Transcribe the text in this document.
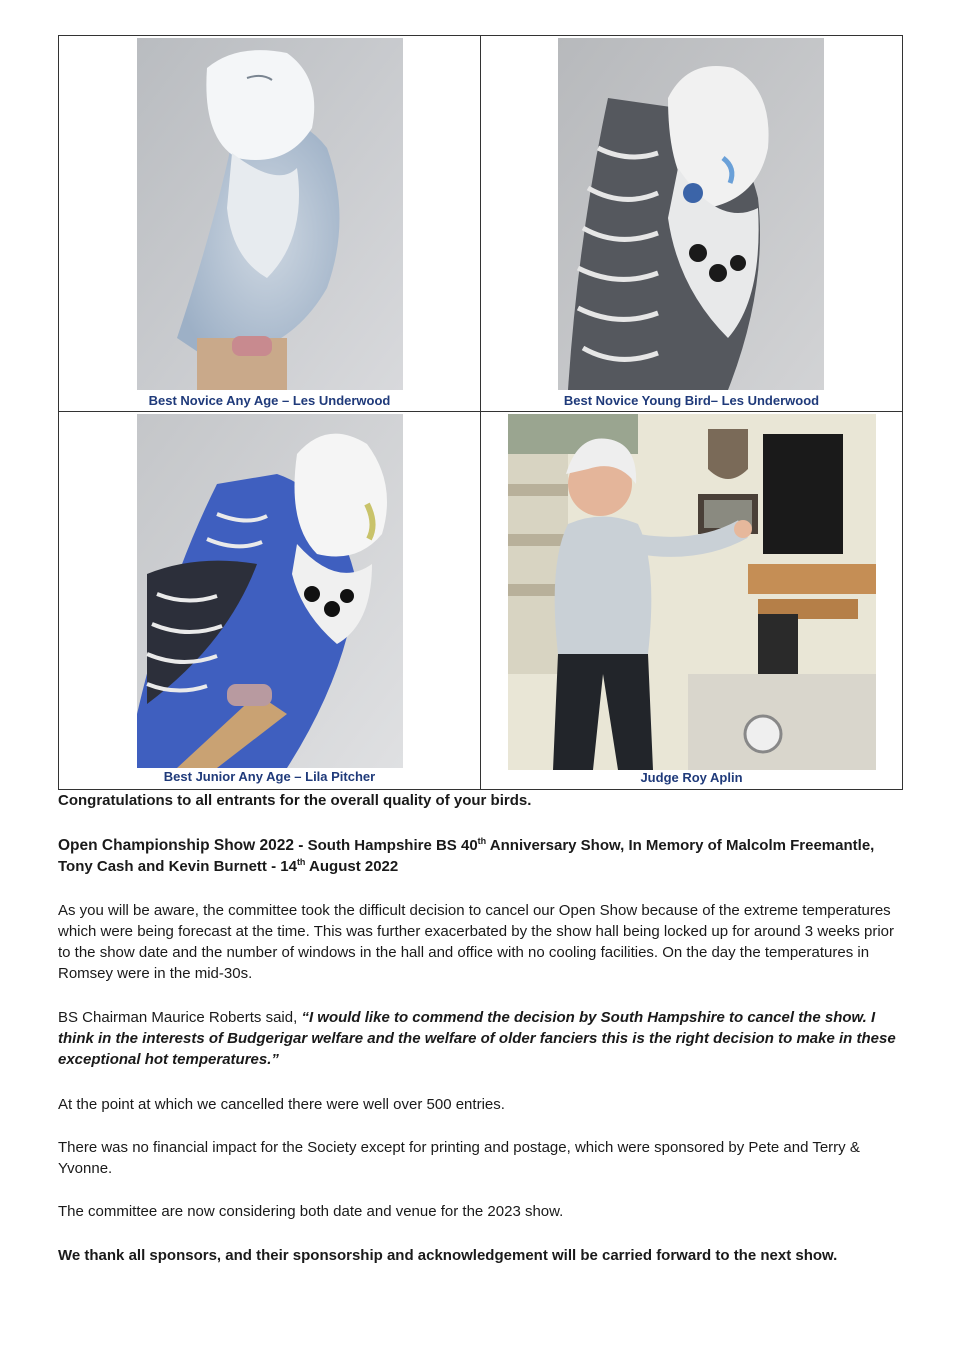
Best Novice Any Age – Les Underwood	Best Novice Young Bird– Les Underwood
Best Junior Any Age – Lila Pitcher	Judge Roy Aplin
Congratulations to all entrants for the overall quality of your birds.
Open Championship Show 2022 - South Hampshire BS 40th Anniversary Show, In Memory of Malcolm Freemantle, Tony Cash and Kevin Burnett - 14th August 2022
As you will be aware, the committee took the difficult decision to cancel our Open Show because of the extreme temperatures which were being forecast at the time. This was further exacerbated by the show hall being locked up for around 3 weeks prior to the show date and the number of windows in the hall and office with no cooling facilities. On the day the temperatures in Romsey were in the mid-30s.
BS Chairman Maurice Roberts said, “I would like to commend the decision by South Hampshire to cancel the show. I think in the interests of Budgerigar welfare and the welfare of older fanciers this is the right decision to make in these exceptional hot temperatures.”
At the point at which we cancelled there were well over 500 entries.
There was no financial impact for the Society except for printing and postage, which were sponsored by Pete and Terry & Yvonne.
The committee are now considering both date and venue for the 2023 show.
We thank all sponsors, and their sponsorship and acknowledgement will be carried forward to the next show.
